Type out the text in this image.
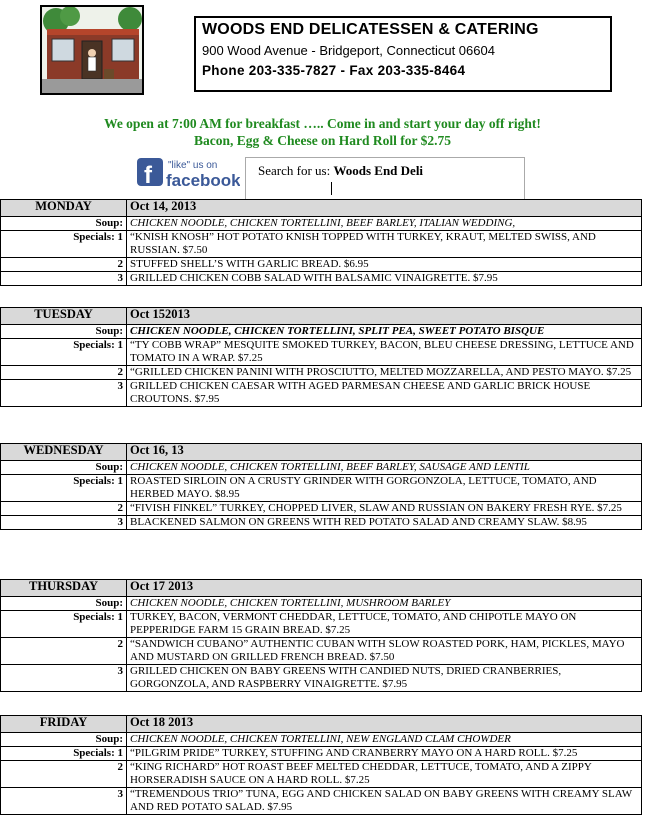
WOODS END DELICATESSEN & CATERING
900 Wood Avenue - Bridgeport, Connecticut 06604
Phone 203-335-7827 - Fax 203-335-8464
We open at 7:00 AM for breakfast ….. Come in and start your day off right!
Bacon, Egg & Cheese on Hard Roll for $2.75
f "like" us on
facebook
Search for us: Woods End Deli
MONDAY	Oct 14, 2013
Soup:	CHICKEN NOODLE, CHICKEN TORTELLINI, BEEF BARLEY, ITALIAN WEDDING,
Specials: 1	“KNISH KNOSH” HOT POTATO KNISH TOPPED WITH TURKEY, KRAUT, MELTED SWISS, AND RUSSIAN. $7.50
2	STUFFED SHELL’S WITH GARLIC BREAD. $6.95
3	GRILLED CHICKEN COBB SALAD WITH BALSAMIC VINAIGRETTE. $7.95
TUESDAY	Oct 152013
Soup:	CHICKEN NOODLE, CHICKEN TORTELLINI, SPLIT PEA, SWEET POTATO BISQUE
Specials: 1	“TY COBB WRAP” MESQUITE SMOKED TURKEY, BACON, BLEU CHEESE DRESSING, LETTUCE AND TOMATO IN A WRAP. $7.25
2	“GRILLED CHICKEN PANINI WITH PROSCIUTTO, MELTED MOZZARELLA, AND PESTO MAYO. $7.25
3	GRILLED CHICKEN CAESAR WITH AGED PARMESAN CHEESE AND GARLIC BRICK HOUSE CROUTONS. $7.95
WEDNESDAY	Oct 16, 13
Soup:	CHICKEN NOODLE, CHICKEN TORTELLINI, BEEF BARLEY, SAUSAGE AND LENTIL
Specials: 1	ROASTED SIRLOIN ON A CRUSTY GRINDER WITH GORGONZOLA, LETTUCE, TOMATO, AND HERBED MAYO. $8.95
2	“FIVISH FINKEL” TURKEY, CHOPPED LIVER, SLAW AND RUSSIAN ON BAKERY FRESH RYE. $7.25
3	BLACKENED SALMON ON GREENS WITH RED POTATO SALAD AND CREAMY SLAW. $8.95
THURSDAY	Oct 17 2013
Soup:	CHICKEN NOODLE, CHICKEN TORTELLINI, MUSHROOM BARLEY
Specials: 1	TURKEY, BACON, VERMONT CHEDDAR, LETTUCE, TOMATO, AND CHIPOTLE MAYO ON PEPPERIDGE FARM 15 GRAIN BREAD. $7.25
2	“SANDWICH CUBANO” AUTHENTIC CUBAN WITH SLOW ROASTED PORK, HAM, PICKLES, MAYO AND MUSTARD ON GRILLED FRENCH BREAD. $7.50
3	GRILLED CHICKEN ON BABY GREENS WITH CANDIED NUTS, DRIED CRANBERRIES, GORGONZOLA, AND RASPBERRY VINAIGRETTE. $7.95
FRIDAY	Oct 18 2013
Soup:	CHICKEN NOODLE, CHICKEN TORTELLINI, NEW ENGLAND CLAM CHOWDER
Specials: 1	“PILGRIM PRIDE” TURKEY, STUFFING AND CRANBERRY MAYO ON A HARD ROLL. $7.25
2	“KING RICHARD” HOT ROAST BEEF MELTED CHEDDAR, LETTUCE, TOMATO, AND A ZIPPY HORSERADISH SAUCE ON A HARD ROLL. $7.25
3	“TREMENDOUS TRIO” TUNA, EGG AND CHICKEN SALAD ON BABY GREENS WITH CREAMY SLAW AND RED POTATO SALAD. $7.95
